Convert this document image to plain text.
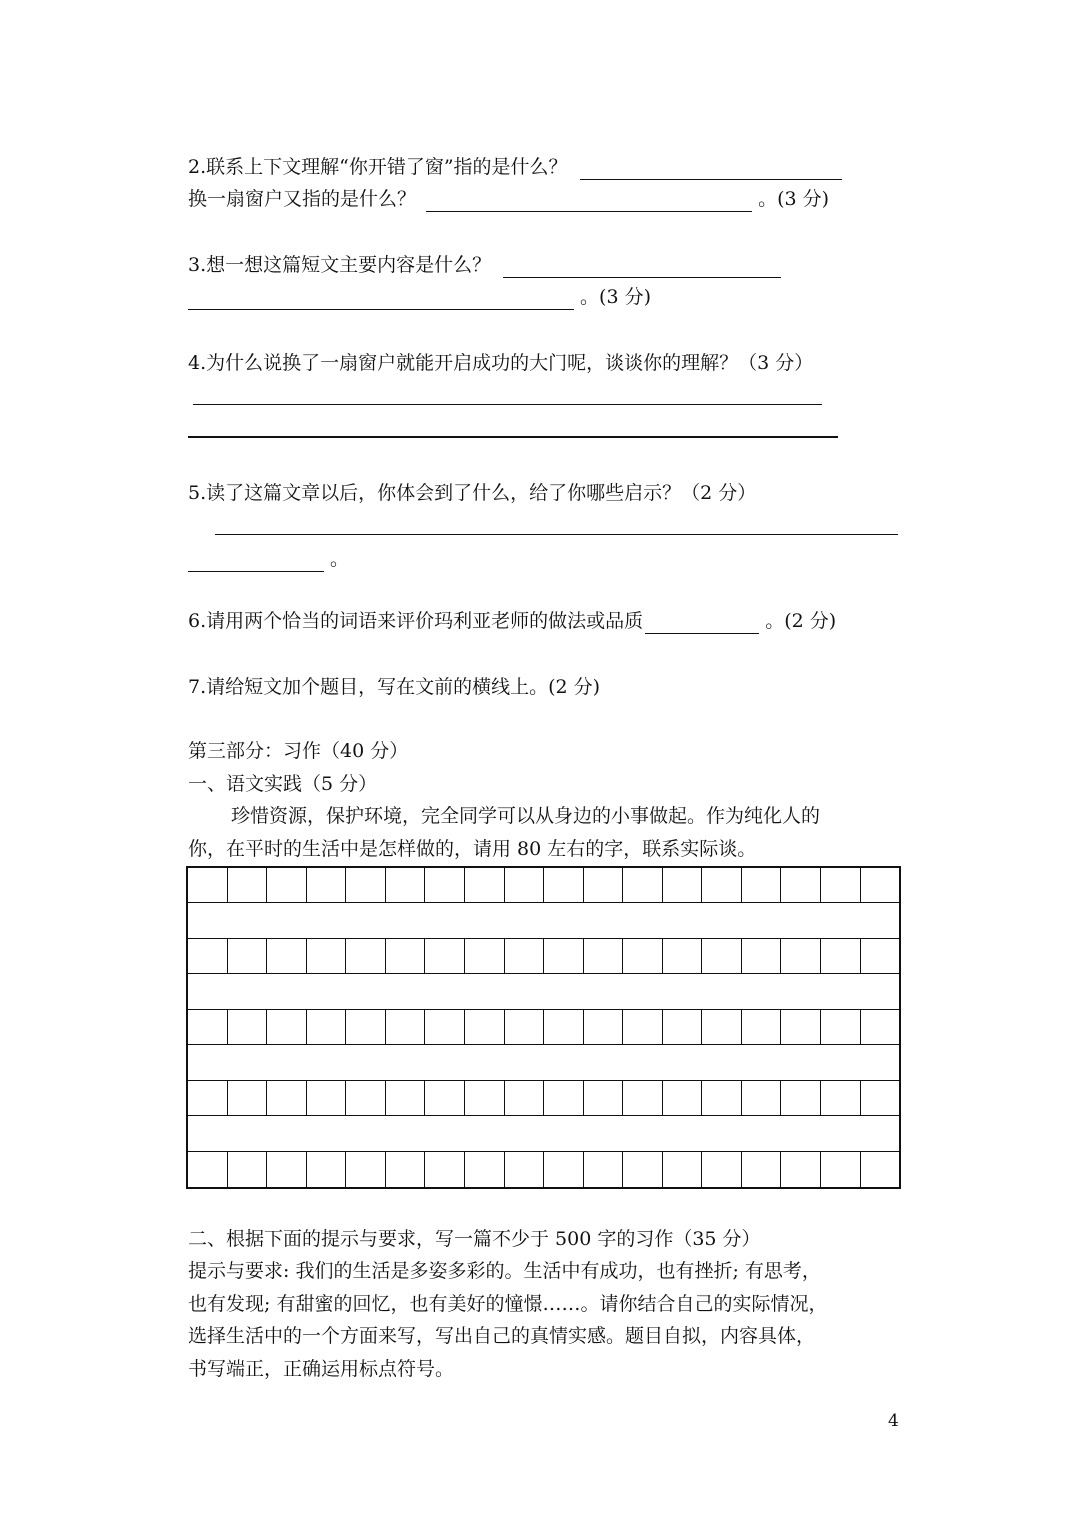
2.联系上下文理解“你开错了窗”指的是什么？
换一扇窗户又指的是什么？	。(3 分)
3.想一想这篇短文主要内容是什么？
。(3 分)
4.为什么说换了一扇窗户就能开启成功的大门呢，谈谈你的理解？（3 分）
5.读了这篇文章以后，你体会到了什么，给了你哪些启示？（2 分）
。
6.请用两个恰当的词语来评价玛利亚老师的做法或品质	。(2 分)
7.请给短文加个题目，写在文前的横线上。(2 分)
第三部分：习作（40 分）
一、语文实践（5 分）
珍惜资源，保护环境，完全同学可以从身边的小事做起。作为纯化人的
你，在平时的生活中是怎样做的，请用 80 左右的字，联系实际谈。
二、根据下面的提示与要求，写一篇不少于 500 字的习作（35 分）
提示与要求: 我们的生活是多姿多彩的。生活中有成功，也有挫折; 有思考，
也有发现; 有甜蜜的回忆，也有美好的憧憬……。请你结合自己的实际情况，
选择生活中的一个方面来写，写出自己的真情实感。题目自拟，内容具体，
书写端正，正确运用标点符号。
4
